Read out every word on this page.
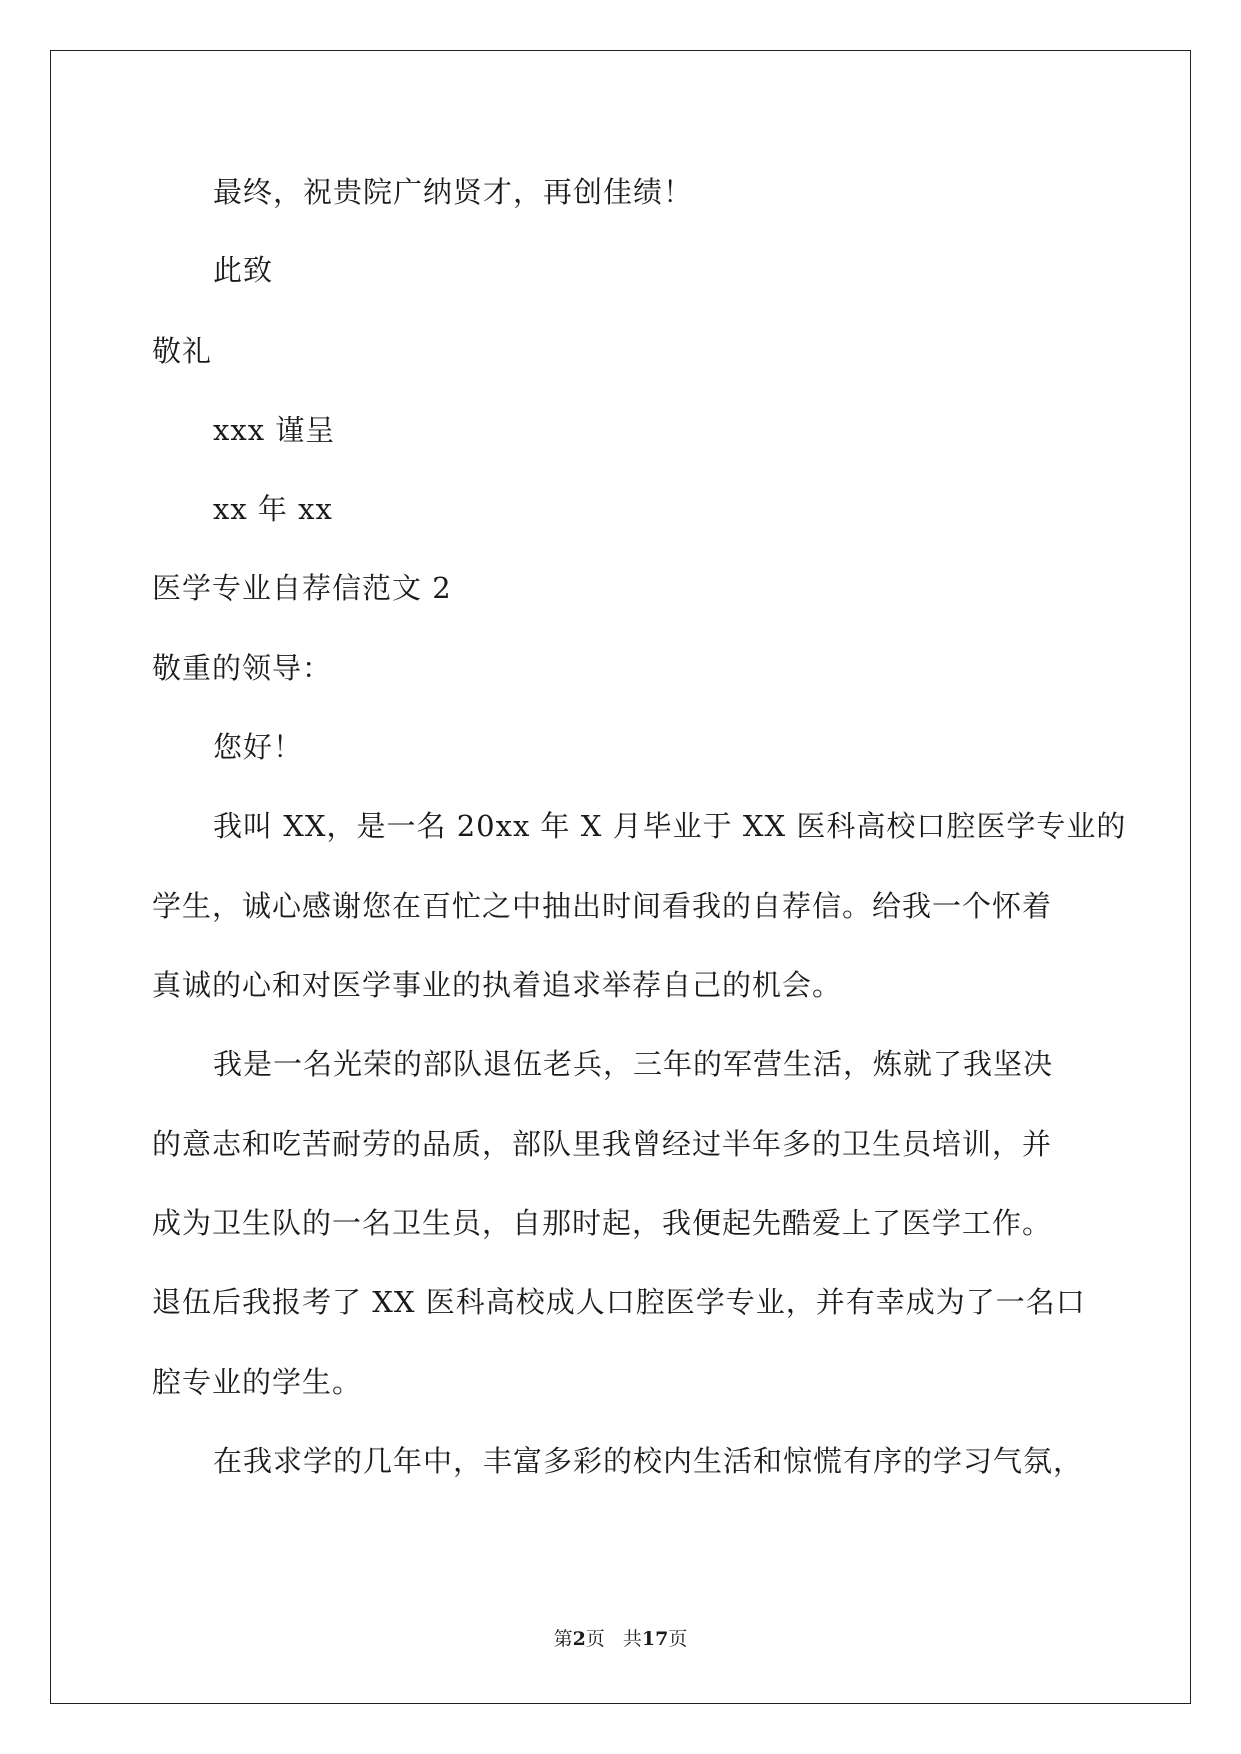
最终，祝贵院广纳贤才，再创佳绩！
此致
敬礼
xxx 谨呈
xx 年 xx
医学专业自荐信范文 2
敬重的领导：
您好！
我叫 XX，是一名 20xx 年 X 月毕业于 XX 医科高校口腔医学专业的
学生，诚心感谢您在百忙之中抽出时间看我的自荐信。给我一个怀着
真诚的心和对医学事业的执着追求举荐自己的机会。
我是一名光荣的部队退伍老兵，三年的军营生活，炼就了我坚决
的意志和吃苦耐劳的品质，部队里我曾经过半年多的卫生员培训，并
成为卫生队的一名卫生员，自那时起，我便起先酷爱上了医学工作。
退伍后我报考了 XX 医科高校成人口腔医学专业，并有幸成为了一名口
腔专业的学生。
在我求学的几年中，丰富多彩的校内生活和惊慌有序的学习气氛，
第2页 共17页
